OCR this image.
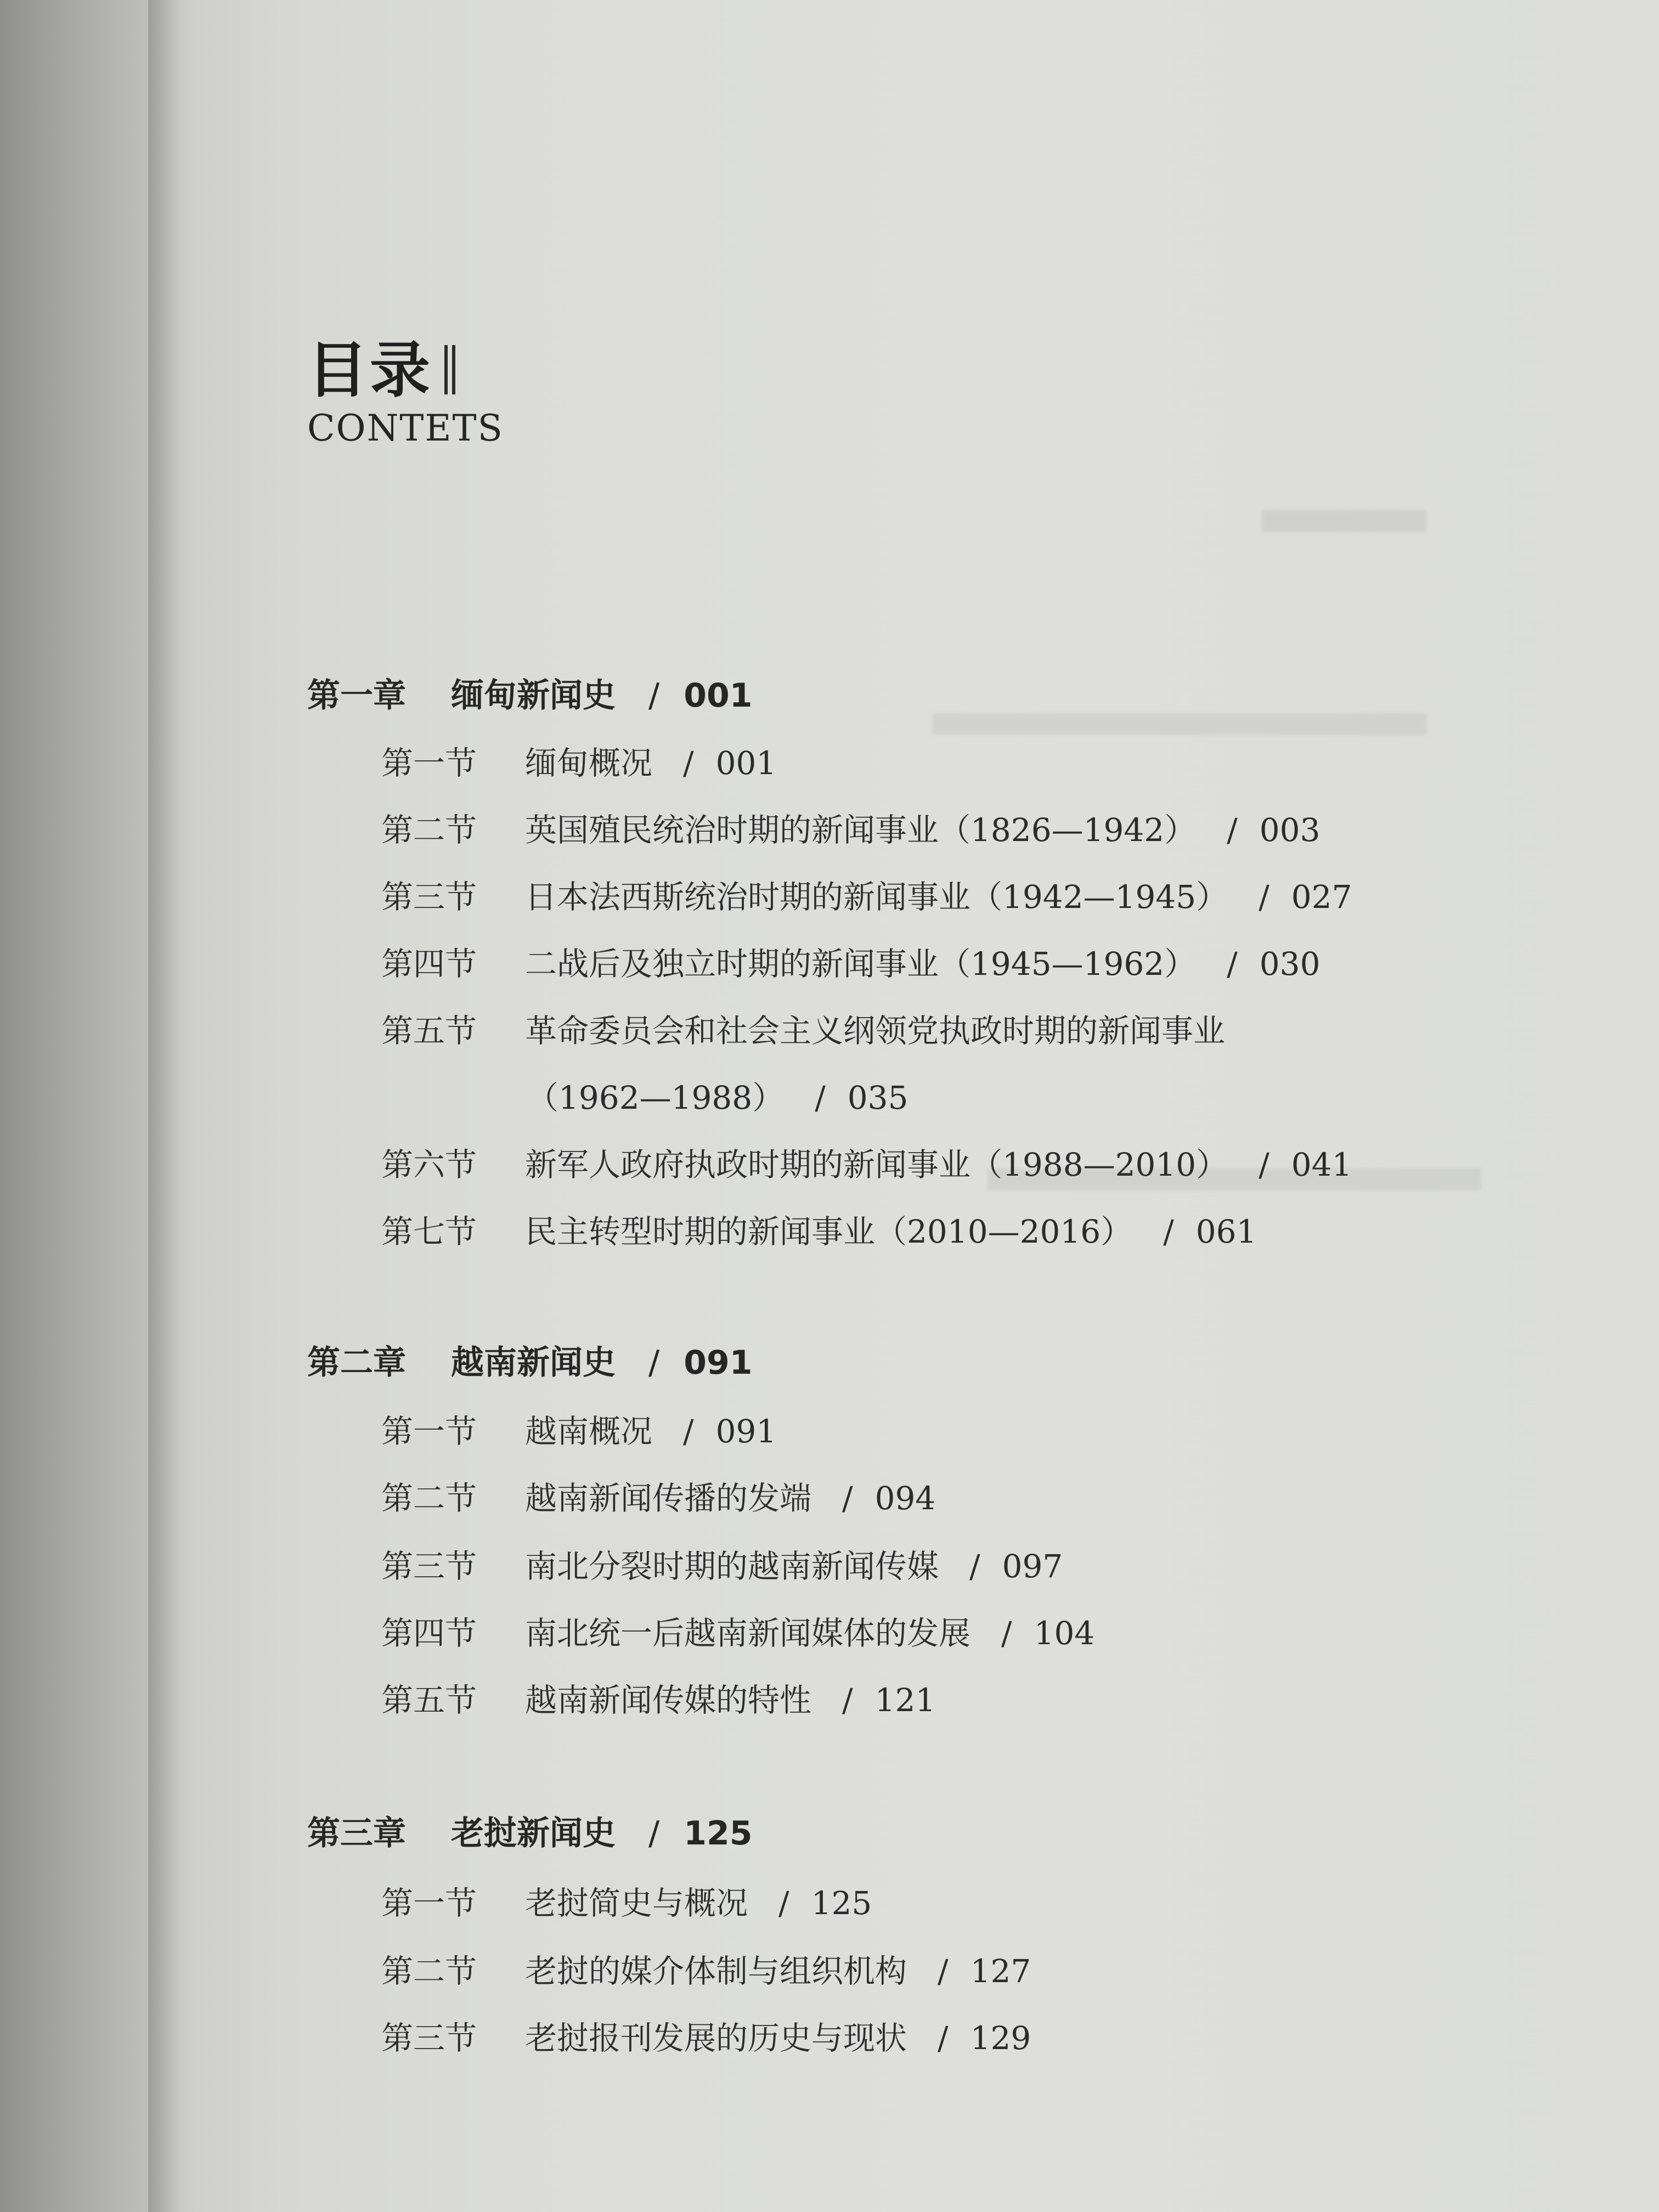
目录
CONTETS
第一章 缅甸新闻史 / 001
第一节 缅甸概况 / 001
第二节 英国殖民统治时期的新闻事业（1826—1942） / 003
第三节 日本法西斯统治时期的新闻事业（1942—1945） / 027
第四节 二战后及独立时期的新闻事业（1945—1962） / 030
第五节 革命委员会和社会主义纲领党执政时期的新闻事业
（1962—1988） / 035
第六节 新军人政府执政时期的新闻事业（1988—2010） / 041
第七节 民主转型时期的新闻事业（2010—2016） / 061
第二章 越南新闻史 / 091
第一节 越南概况 / 091
第二节 越南新闻传播的发端 / 094
第三节 南北分裂时期的越南新闻传媒 / 097
第四节 南北统一后越南新闻媒体的发展 / 104
第五节 越南新闻传媒的特性 / 121
第三章 老挝新闻史 / 125
第一节 老挝简史与概况 / 125
第二节 老挝的媒介体制与组织机构 / 127
第三节 老挝报刊发展的历史与现状 / 129
